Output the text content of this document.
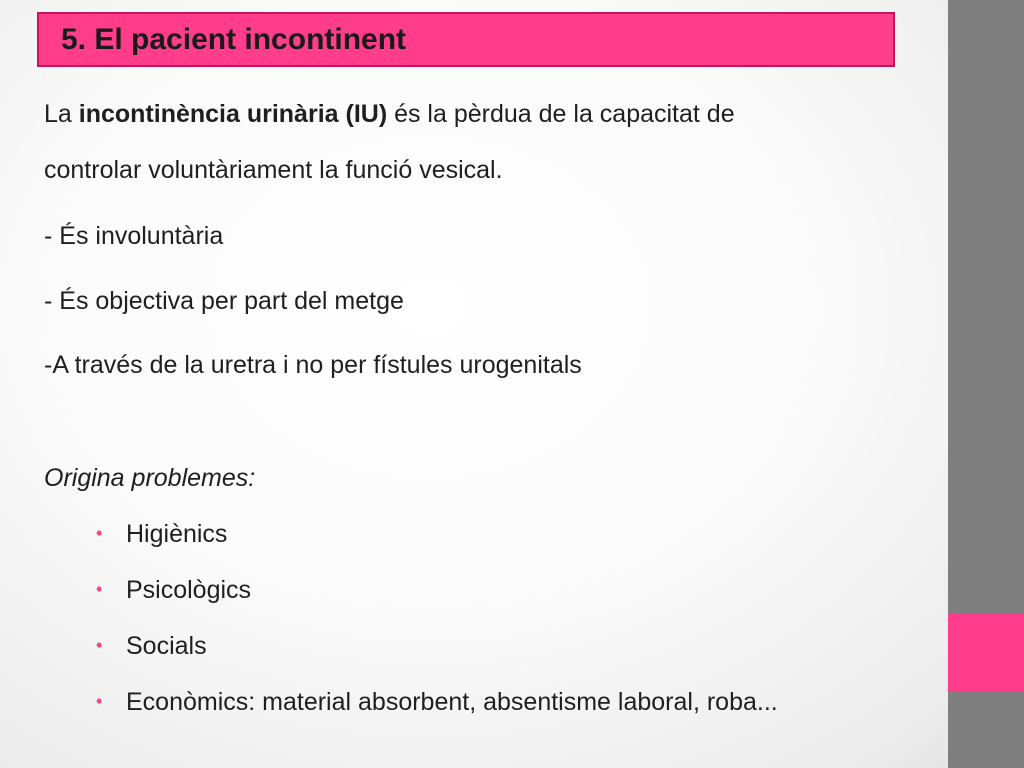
5. El pacient incontinent
La incontinència urinària (IU) és la pèrdua de la capacitat de
controlar voluntàriament la funció vesical.
- És involuntària
- És objectiva per part del metge
-A través de la uretra i no per fístules urogenitals
Origina problemes:
• Higiènics
• Psicològics
• Socials
• Econòmics: material absorbent, absentisme laboral, roba...
